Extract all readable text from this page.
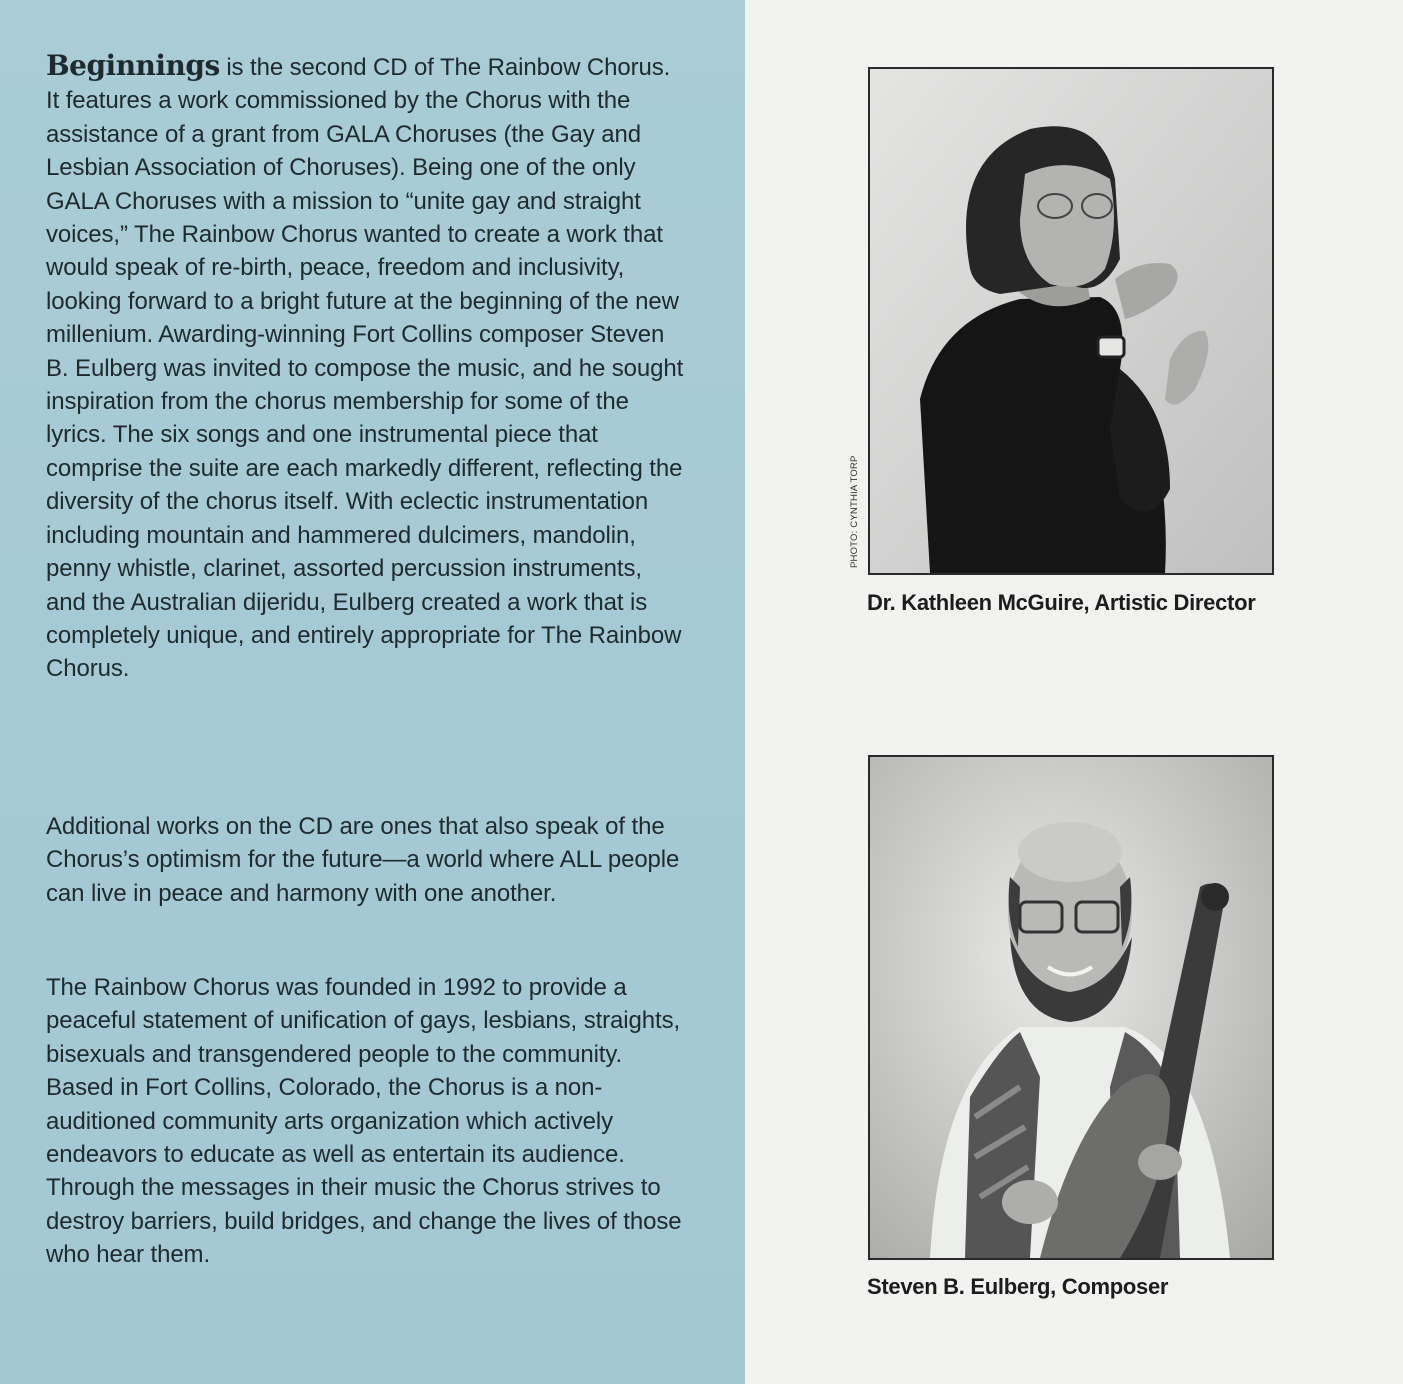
Beginnings is the second CD of The Rainbow Chorus. It features a work commissioned by the Chorus with the assistance of a grant from GALA Choruses (the Gay and Lesbian Association of Choruses). Being one of the only GALA Choruses with a mission to “unite gay and straight voices,” The Rainbow Chorus wanted to create a work that would speak of re-birth, peace, freedom and inclusivity, looking forward to a bright future at the beginning of the new millenium. Awarding-winning Fort Collins composer Steven B. Eulberg was invited to compose the music, and he sought inspiration from the chorus membership for some of the lyrics. The six songs and one instrumental piece that comprise the suite are each markedly different, reflecting the diversity of the chorus itself. With eclectic instrumentation including mountain and hammered dulcimers, mandolin, penny whistle, clarinet, assorted percussion instruments, and the Australian dijeridu, Eulberg created a work that is completely unique, and entirely appropriate for The Rainbow Chorus.

Additional works on the CD are ones that also speak of the Chorus’s optimism for the future—a world where ALL people can live in peace and harmony with one another.

The Rainbow Chorus was founded in 1992 to provide a peaceful statement of unification of gays, lesbians, straights, bisexuals and transgendered people to the community. Based in Fort Collins, Colorado, the Chorus is a non-auditioned community arts organization which actively endeavors to educate as well as entertain its audience. Through the messages in their music the Chorus strives to destroy barriers, build bridges, and change the lives of those who hear them.

PHOTO: CYNTHIA TORP
Dr. Kathleen McGuire, Artistic Director
Steven B. Eulberg, Composer
